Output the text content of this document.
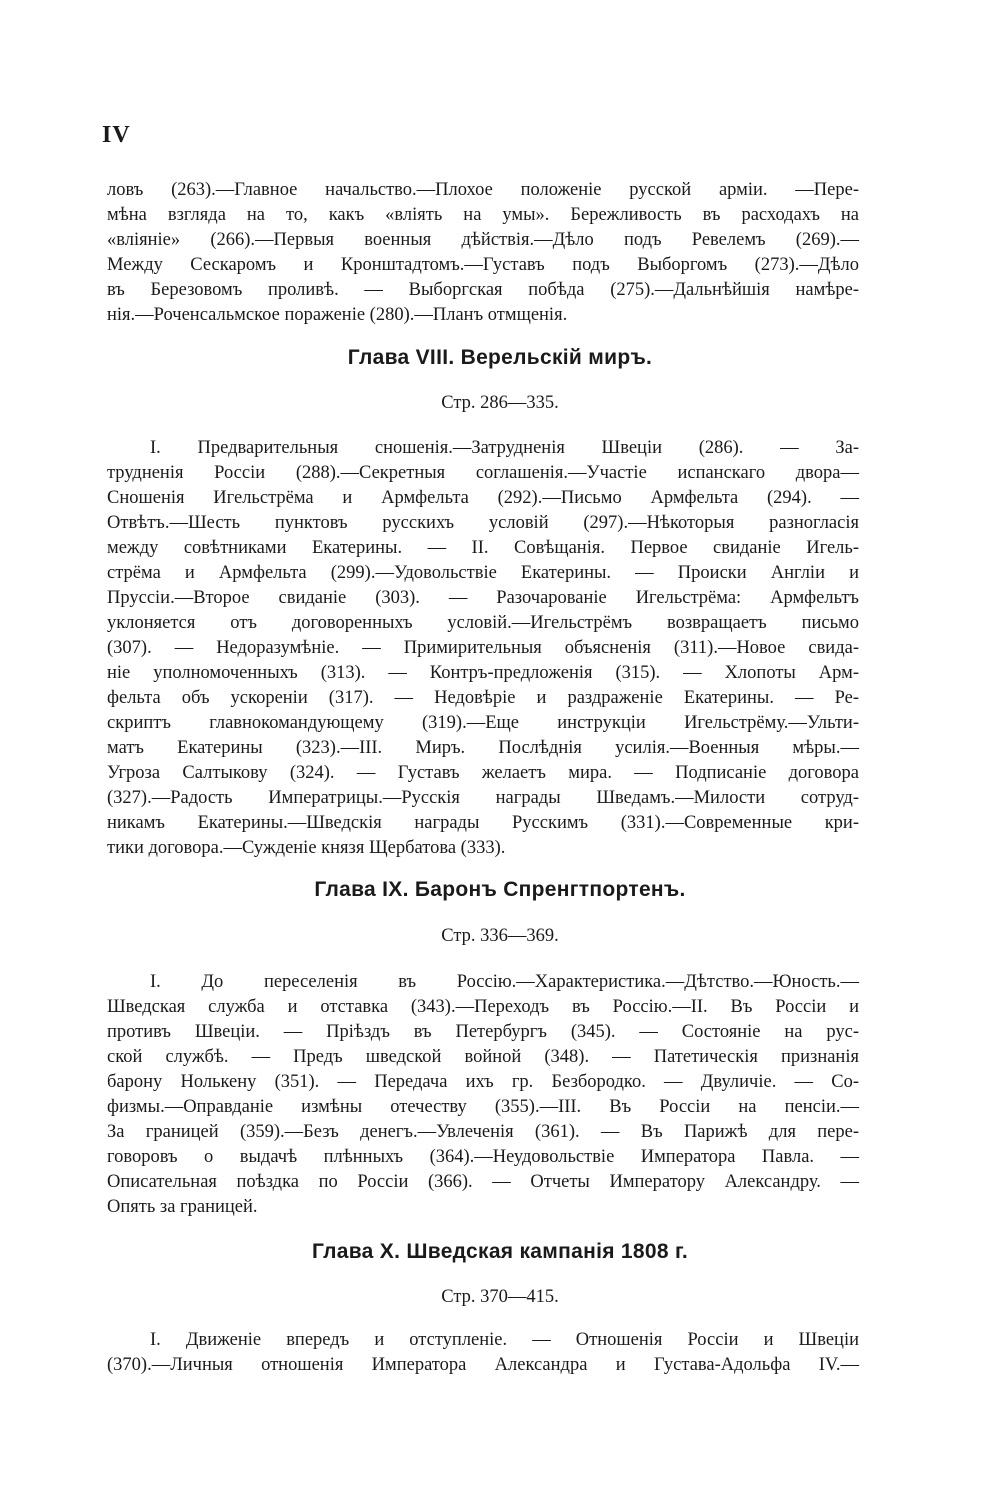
IV
ловъ (263).—Главное начальство.—Плохое положеніе русской арміи. —Пере-
мѣна взгляда на то, какъ «влiять на умы». Бережливость въ расходахъ на
«вліяніе» (266).—Первыя военныя дѣйствія.—Дѣло подъ Ревелемъ (269).—
Между Сескаромъ и Кронштадтомъ.—Густавъ подъ Выборгомъ (273).—Дѣло
въ Березовомъ проливѣ. — Выборгская побѣда (275).—Дальнѣйшія намѣре-
нія.—Роченсальмское пораженіе (280).—Планъ отмщенія.
Глава VIII. Верельскій миръ.
Стр. 286—335.
I. Предварительныя сношенія.—Затрудненія Швеціи (286). — За-
трудненія Россіи (288).—Секретныя соглашенія.—Участіе испанскаго двора—
Сношенія Игельстрёма и Армфельта (292).—Письмо Армфельта (294). —
Отвѣтъ.—Шесть пунктовъ русскихъ условій (297).—Нѣкоторыя разногласія
между совѣтниками Екатерины. — II. Совѣщанія. Первое свиданіе Игель-
стрёма и Армфельта (299).—Удовольствіе Екатерины. — Происки Англіи и
Пруссіи.—Второе свиданіе (303). — Разочарованіе Игельстрёма: Армфельтъ
уклоняется отъ договоренныхъ условій.—Игельстрёмъ возвращаетъ письмо
(307). — Недоразумѣніе. — Примирительныя объясненія (311).—Новое свида-
ніе уполномоченныхъ (313). — Контръ-предложенія (315). — Хлопоты Арм-
фельта объ ускореніи (317). — Недовѣріе и раздраженіе Екатерины. — Ре-
скриптъ главнокомандующему (319).—Еще инструкціи Игельстрёму.—Ульти-
матъ Екатерины (323).—III. Миръ. Послѣднія усилія.—Военныя мѣры.—
Угроза Салтыкову (324). — Густавъ желаетъ мира. — Подписаніе договора
(327).—Радость Императрицы.—Русскія награды Шведамъ.—Милости сотруд-
никамъ Екатерины.—Шведскія награды Русскимъ (331).—Современные кри-
тики договора.—Сужденіе князя Щербатова (333).
Глава IX. Баронъ Спренгтпортенъ.
Стр. 336—369.
I. До переселенія въ Россію.—Характеристика.—Дѣтство.—Юность.—
Шведская служба и отставка (343).—Переходъ въ Россію.—II. Въ Россіи и
противъ Швеціи. — Пріѣздъ въ Петербургъ (345). — Состояніе на рус-
ской службѣ. — Предъ шведской войной (348). — Патетическія признанія
барону Нолькену (351). — Передача ихъ гр. Безбородко. — Двуличіе. — Со-
физмы.—Оправданіе измѣны отечеству (355).—III. Въ Россіи на пенсіи.—
За границей (359).—Безъ денегъ.—Увлеченія (361). — Въ Парижѣ для пере-
говоровъ о выдачѣ плѣнныхъ (364).—Неудовольствіе Императора Павла. —
Описательная поѣздка по Россіи (366). — Отчеты Императору Александру. —
Опять за границей.
Глава X. Шведская кампанія 1808 г.
Стр. 370—415.
I. Движеніе впередъ и отступленіе. — Отношенія Россіи и Швеціи
(370).—Личныя отношенія Императора Александра и Густава-Адольфа IV.—
